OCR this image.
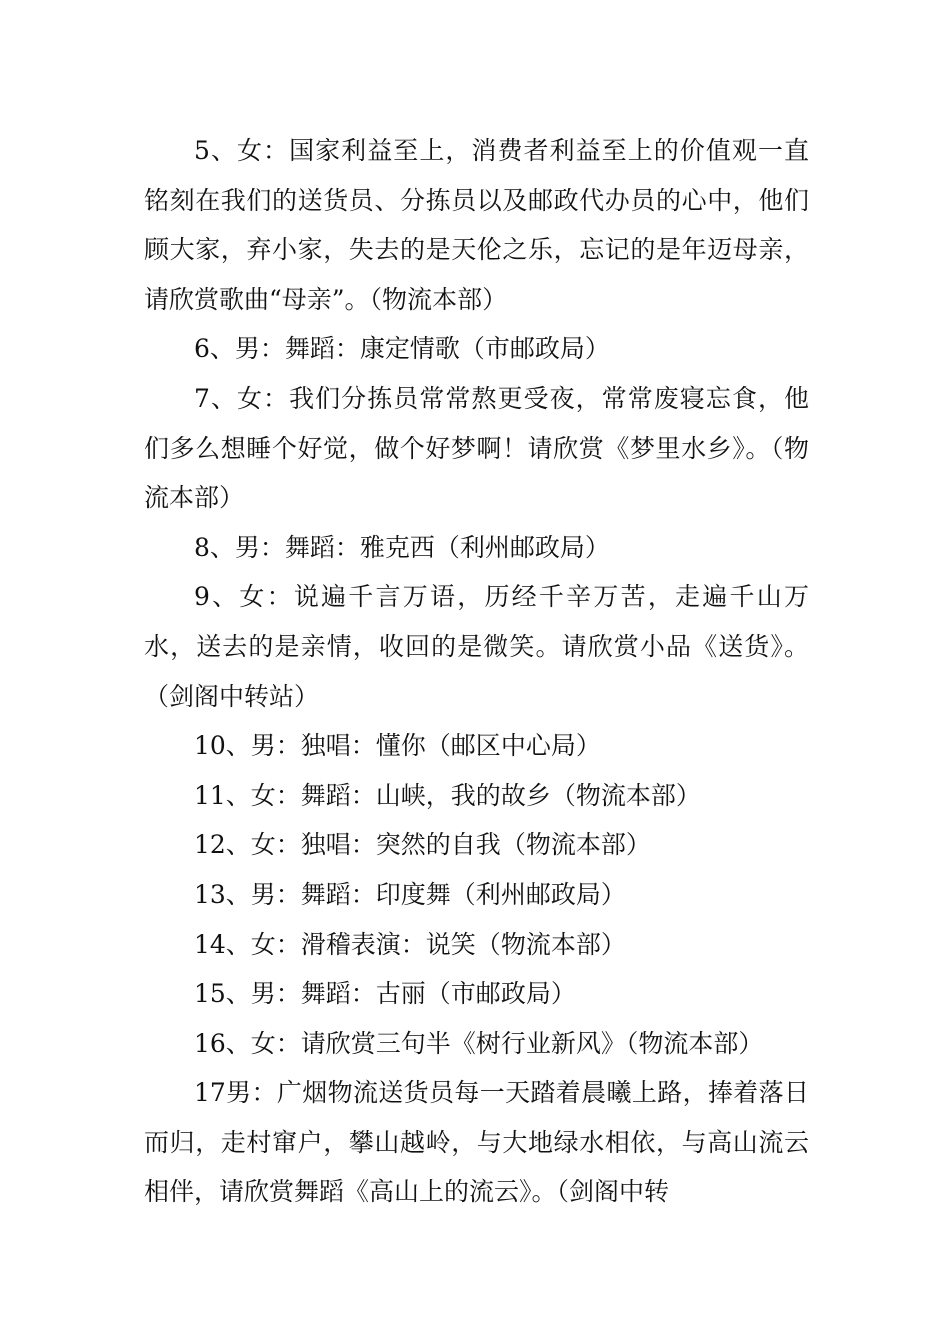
5、女：国家利益至上，消费者利益至上的价值观一直铭刻在我们的送货员、分拣员以及邮政代办员的心中，他们顾大家，弃小家，失去的是天伦之乐，忘记的是年迈母亲，请欣赏歌曲“母亲”。（物流本部）

6、男：舞蹈：康定情歌（市邮政局）

7、女：我们分拣员常常熬更受夜，常常废寝忘食，他们多么想睡个好觉，做个好梦啊！请欣赏《梦里水乡》。（物流本部）

8、男：舞蹈：雅克西（利州邮政局）

9、女：说遍千言万语，历经千辛万苦，走遍千山万水，送去的是亲情，收回的是微笑。请欣赏小品《送货》。（剑阁中转站）

10、男：独唱：懂你（邮区中心局）

11、女：舞蹈：山峡，我的故乡（物流本部）

12、女：独唱：突然的自我（物流本部）

13、男：舞蹈：印度舞（利州邮政局）

14、女：滑稽表演：说笑（物流本部）

15、男：舞蹈：古丽（市邮政局）

16、女：请欣赏三句半《树行业新风》（物流本部）

17男：广烟物流送货员每一天踏着晨曦上路，捧着落日而归，走村窜户，攀山越岭，与大地绿水相依，与高山流云相伴，请欣赏舞蹈《高山上的流云》。（剑阁中转
